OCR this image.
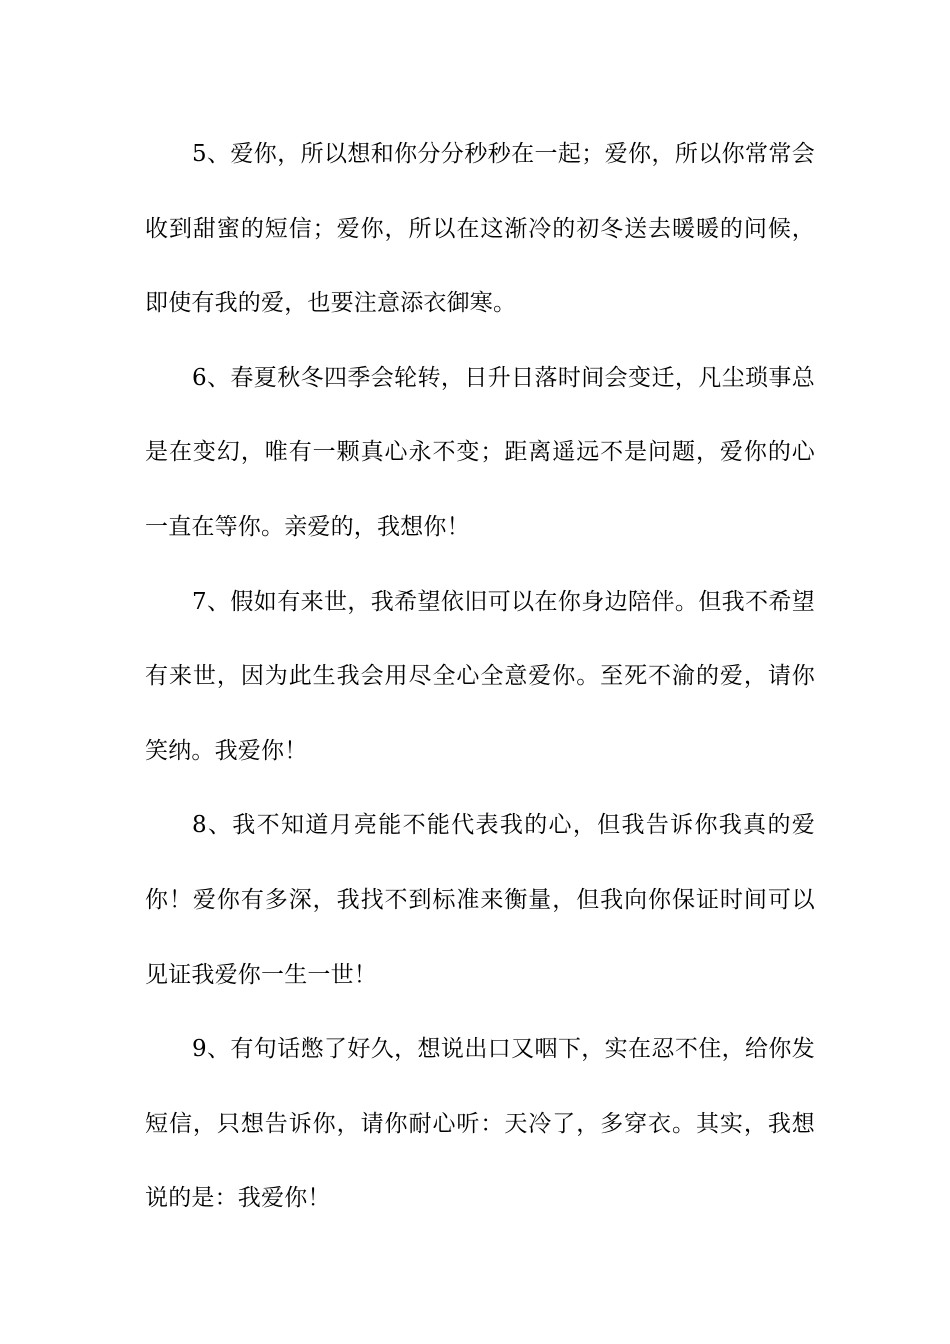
5、爱你，所以想和你分分秒秒在一起；爱你，所以你常常会收到甜蜜的短信；爱你，所以在这渐冷的初冬送去暖暖的问候，即使有我的爱，也要注意添衣御寒。

6、春夏秋冬四季会轮转，日升日落时间会变迁，凡尘琐事总是在变幻，唯有一颗真心永不变；距离遥远不是问题，爱你的心一直在等你。亲爱的，我想你！

7、假如有来世，我希望依旧可以在你身边陪伴。但我不希望有来世，因为此生我会用尽全心全意爱你。至死不渝的爱，请你笑纳。我爱你！

8、我不知道月亮能不能代表我的心，但我告诉你我真的爱你！爱你有多深，我找不到标准来衡量，但我向你保证时间可以见证我爱你一生一世！

9、有句话憋了好久，想说出口又咽下，实在忍不住，给你发短信，只想告诉你，请你耐心听：天冷了，多穿衣。其实，我想说的是：我爱你！
